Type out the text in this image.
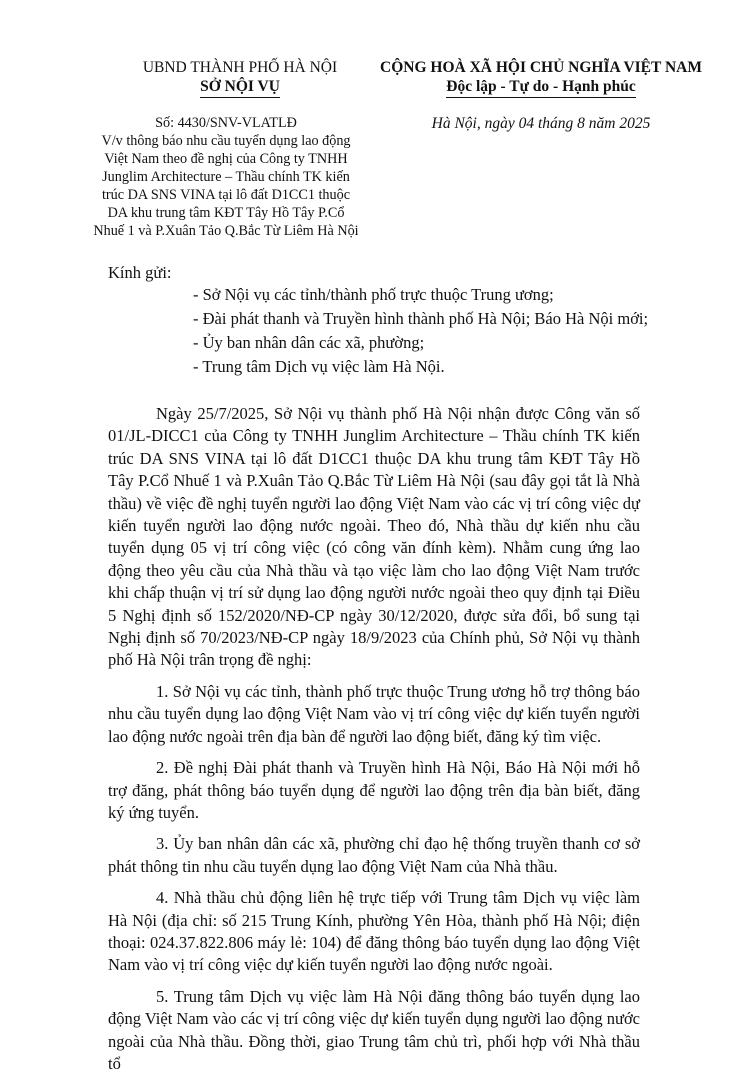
UBND THÀNH PHỐ HÀ NỘI
SỞ NỘI VỤ
CỘNG HOÀ XÃ HỘI CHỦ NGHĨA VIỆT NAM
Độc lập - Tự do - Hạnh phúc
Số: 4430/SNV-VLATLĐ
V/v thông báo nhu cầu tuyển dụng lao động
Việt Nam theo đề nghị của Công ty TNHH
Junglim Architecture – Thầu chính TK kiến
trúc DA SNS VINA tại lô đất D1CC1 thuộc
DA khu trung tâm KĐT Tây Hồ Tây P.Cổ
Nhuế 1 và P.Xuân Tảo Q.Bắc Từ Liêm Hà Nội
Hà Nội, ngày 04 tháng 8 năm 2025
Kính gửi:
- Sở Nội vụ các tỉnh/thành phố trực thuộc Trung ương;
- Đài phát thanh và Truyền hình thành phố Hà Nội; Báo Hà Nội mới;
- Ủy ban nhân dân các xã, phường;
- Trung tâm Dịch vụ việc làm Hà Nội.

Ngày 25/7/2025, Sở Nội vụ thành phố Hà Nội nhận được Công văn số 01/JL-DICC1 của Công ty TNHH Junglim Architecture – Thầu chính TK kiến trúc DA SNS VINA tại lô đất D1CC1 thuộc DA khu trung tâm KĐT Tây Hồ Tây P.Cổ Nhuế 1 và P.Xuân Tảo Q.Bắc Từ Liêm Hà Nội (sau đây gọi tắt là Nhà thầu) về việc đề nghị tuyển người lao động Việt Nam vào các vị trí công việc dự kiến tuyển người lao động nước ngoài. Theo đó, Nhà thầu dự kiến nhu cầu tuyển dụng 05 vị trí công việc (có công văn đính kèm). Nhằm cung ứng lao động theo yêu cầu của Nhà thầu và tạo việc làm cho lao động Việt Nam trước khi chấp thuận vị trí sử dụng lao động người nước ngoài theo quy định tại Điều 5 Nghị định số 152/2020/NĐ-CP ngày 30/12/2020, được sửa đổi, bổ sung tại Nghị định số 70/2023/NĐ-CP ngày 18/9/2023 của Chính phủ, Sở Nội vụ thành phố Hà Nội trân trọng đề nghị:

1. Sở Nội vụ các tỉnh, thành phố trực thuộc Trung ương hỗ trợ thông báo nhu cầu tuyển dụng lao động Việt Nam vào vị trí công việc dự kiến tuyển người lao động nước ngoài trên địa bàn để người lao động biết, đăng ký tìm việc.

2. Đề nghị Đài phát thanh và Truyền hình Hà Nội, Báo Hà Nội mới hỗ trợ đăng, phát thông báo tuyển dụng để người lao động trên địa bàn biết, đăng ký ứng tuyển.

3. Ủy ban nhân dân các xã, phường chỉ đạo hệ thống truyền thanh cơ sở phát thông tin nhu cầu tuyển dụng lao động Việt Nam của Nhà thầu.

4. Nhà thầu chủ động liên hệ trực tiếp với Trung tâm Dịch vụ việc làm Hà Nội (địa chỉ: số 215 Trung Kính, phường Yên Hòa, thành phố Hà Nội; điện thoại: 024.37.822.806 máy lẻ: 104) để đăng thông báo tuyển dụng lao động Việt Nam vào vị trí công việc dự kiến tuyển người lao động nước ngoài.

5. Trung tâm Dịch vụ việc làm Hà Nội đăng thông báo tuyển dụng lao động Việt Nam vào các vị trí công việc dự kiến tuyển dụng người lao động nước ngoài của Nhà thầu. Đồng thời, giao Trung tâm chủ trì, phối hợp với Nhà thầu tổ
